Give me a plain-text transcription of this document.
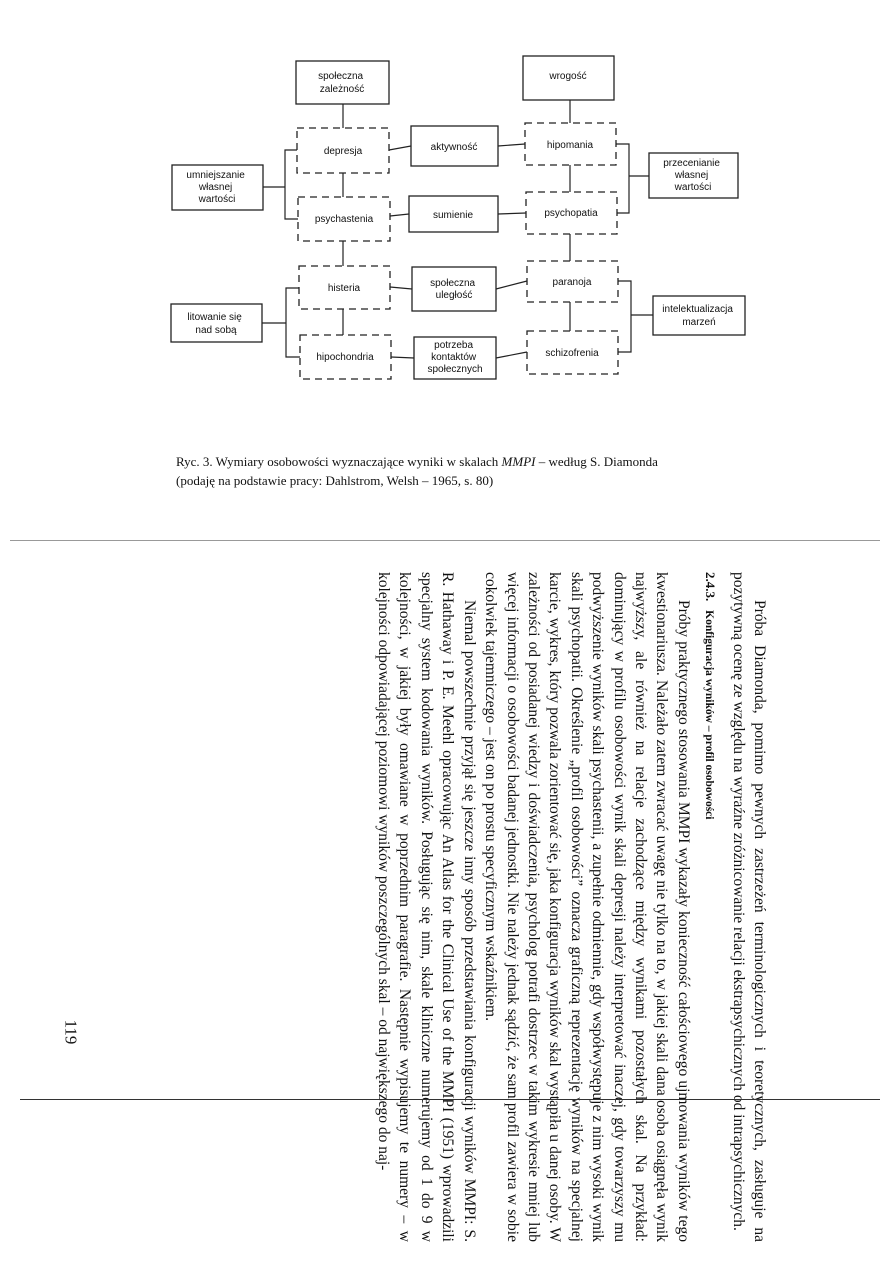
społeczna zależność
wrogość
depresja	aktywność	hipomania
umniejszanie własnej wartości
przecenianie własnej wartości
psychastenia	sumienie	psychopatia
histeria	społeczna uległość
paranoja
litowanie się nad sobą
intelektualizacja marzeń
hipochondria
potrzeba kontaktów społecznych
schizofrenia
Ryc. 3. Wymiary osobowości wyznaczające wyniki w skalach MMPI – według S. Diamonda
(podaję na podstawie pracy: Dahlstrom, Welsh – 1965, s. 80)

Próba Diamonda, pomimo pewnych zastrzeżeń terminologicznych i teoretycznych, zasługuje na pozytywną ocenę ze względu na wyraźne zróżnicowanie relacji ekstrapsychicznych od intrapsychicznych.

2.4.3. Konfiguracja wyników – profil osobowości

Próby praktycznego stosowania MMPI wykazały konieczność całościowego ujmowania wyników tego kwestionariusza. Należało zatem zwracać uwagę nie tylko na to, w jakiej skali dana osoba osiągnęła wynik najwyższy, ale również na relacje zachodzące między wynikami pozostałych skal. Na przykład: dominujący w profilu osobowości wynik skali depresji należy interpretować inaczej, gdy towarzyszy mu podwyższenie wyników skali psychastenii, a zupełnie odmiennie, gdy współwystępuje z nim wysoki wynik skali psychopatii. Określenie „profil osobowości” oznacza graficzną reprezentację wyników na specjalnej karcie, wykres, który pozwala zorientować się, jaka konfiguracja wyników skal wystąpiła u danej osoby. W zależności od posiadanej wiedzy i doświadczenia, psycholog potrafi dostrzec w takim wykresie mniej lub więcej informacji o osobowości badanej jednostki. Nie należy jednak sądzić, że sam profil zawiera w sobie cokolwiek tajemniczego – jest on po prostu specyficznym wskaźnikiem.

Niemal powszechnie przyjął się jeszcze inny sposób przedstawiania konfiguracji wyników MMPI: S. R. Hathaway i P. E. Meehl opracowując An Atlas for the Clinical Use of the MMPI (1951) wprowadzili specjalny system kodowania wyników. Posługując się nim, skale kliniczne numerujemy od 1 do 9 w kolejności, w jakiej były omawiane w poprzednim paragrafie. Następnie wypisujemy te numery – w kolejności odpowiadającej poziomowi wyników poszczególnych skal – od największego do naj-

119
